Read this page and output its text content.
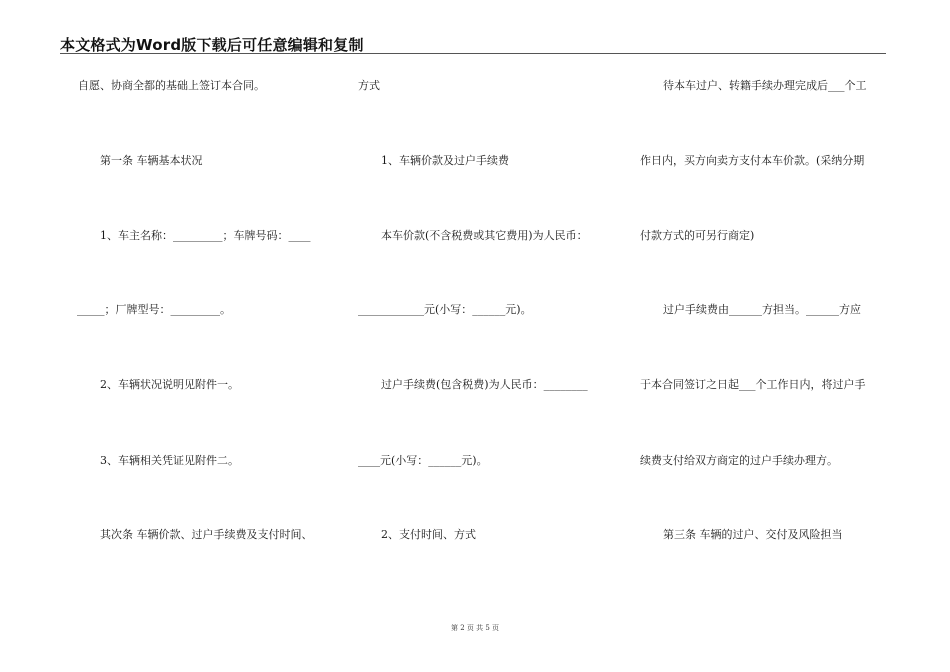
本文格式为Word版下载后可任意编辑和复制
自愿、协商全都的基础上签订本合同。
第一条 车辆基本状况
1、车主名称：_________；车牌号码：____
_____；厂牌型号：_________。
2、车辆状况说明见附件一。
3、车辆相关凭证见附件二。
其次条 车辆价款、过户手续费及支付时间、
方式
1、车辆价款及过户手续费
本车价款(不含税费或其它费用)为人民币：
____________元(小写：______元)。
过户手续费(包含税费)为人民币：________
____元(小写：______元)。
2、支付时间、方式
待本车过户、转籍手续办理完成后___个工
作日内，买方向卖方支付本车价款。(采纳分期
付款方式的可另行商定)
过户手续费由______方担当。______方应
于本合同签订之日起___个工作日内，将过户手
续费支付给双方商定的过户手续办理方。
第三条 车辆的过户、交付及风险担当
第 2 页 共 5 页
